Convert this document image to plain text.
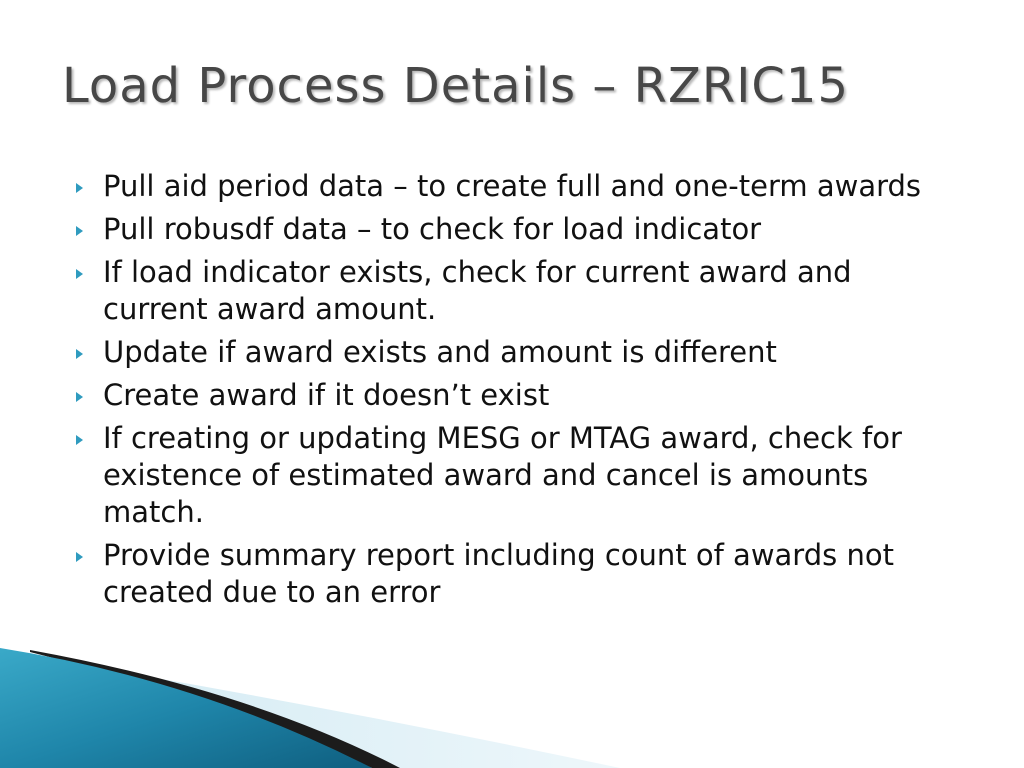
Load Process Details – RZRIC15
Pull aid period data – to create full and one-term awards
Pull robusdf data – to check for load indicator
If load indicator exists, check for current award and current award amount.
Update if award exists and amount is different
Create award if it doesn’t exist
If creating or updating MESG or MTAG award, check for existence of estimated award and cancel is amounts match.
Provide summary report including count of awards not created due to an error
